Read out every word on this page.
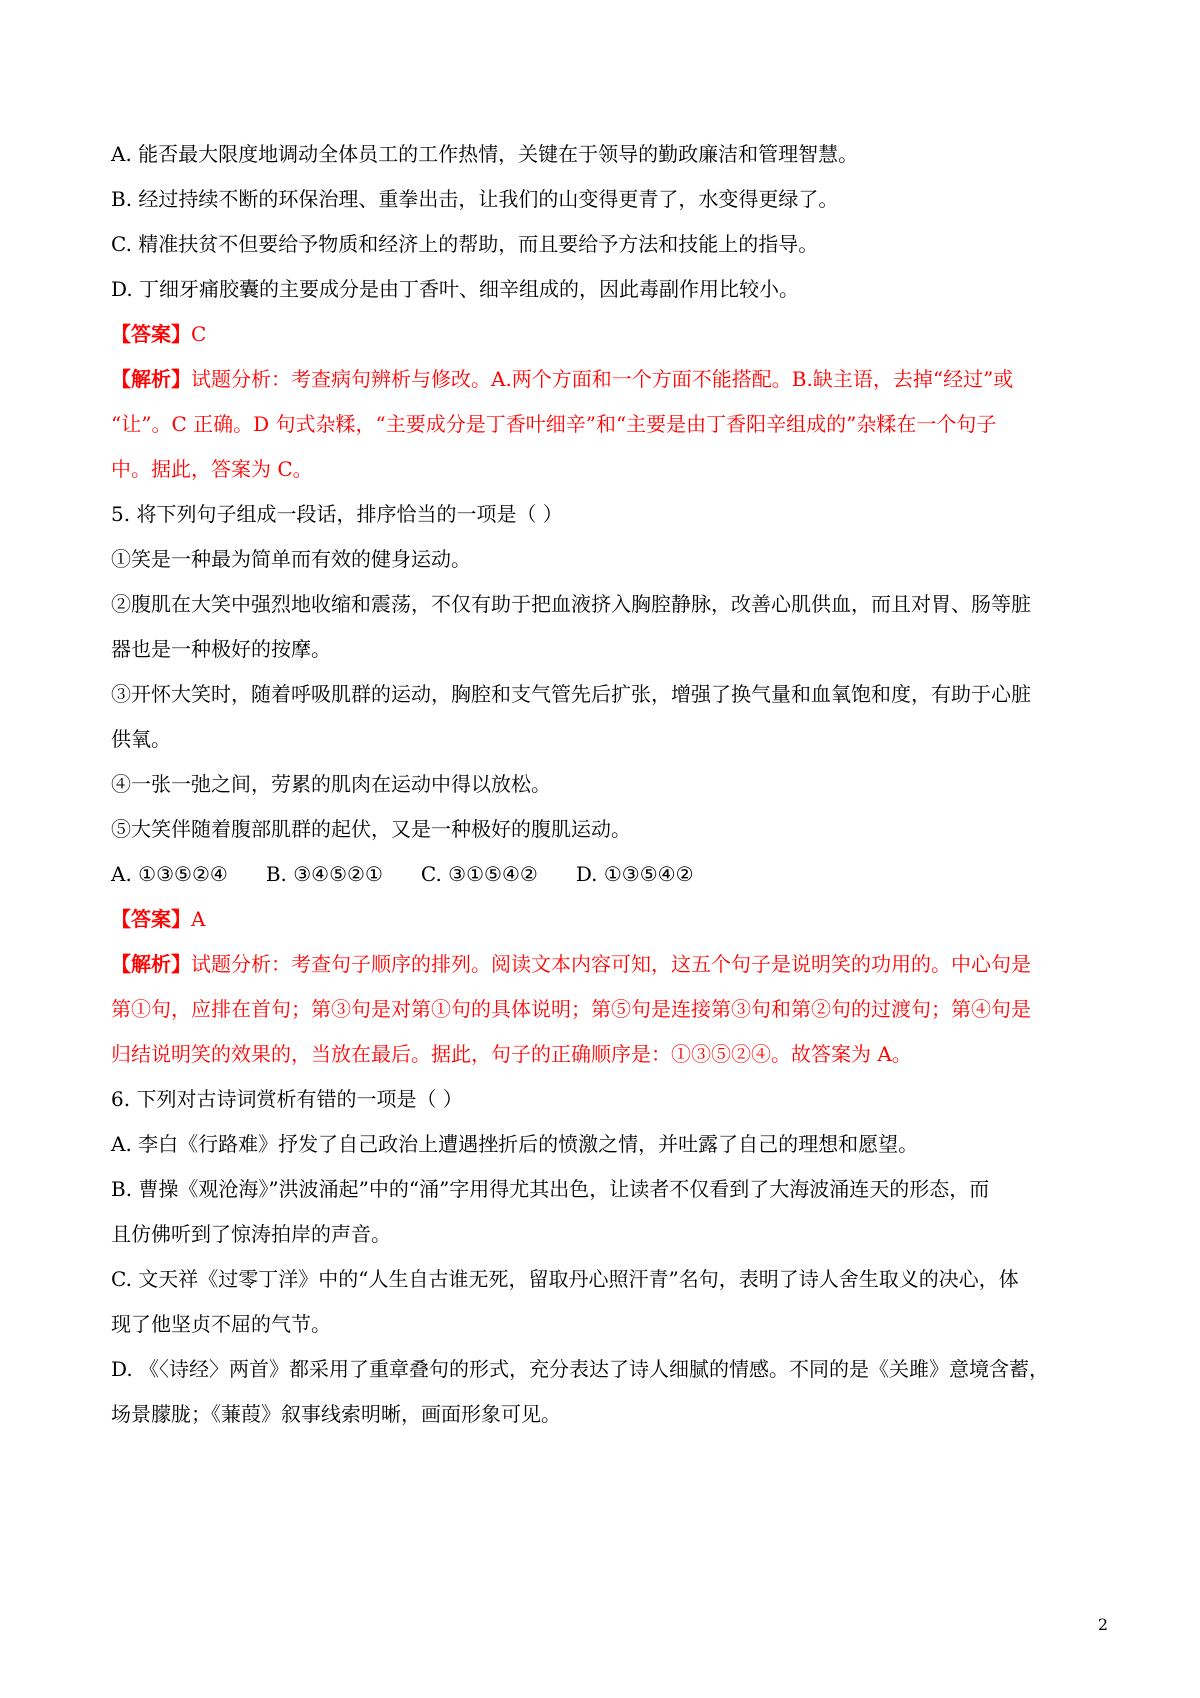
A. 能否最大限度地调动全体员工的工作热情，关键在于领导的勤政廉洁和管理智慧。
B. 经过持续不断的环保治理、重拳出击，让我们的山变得更青了，水变得更绿了。
C. 精准扶贫不但要给予物质和经济上的帮助，而且要给予方法和技能上的指导。
D. 丁细牙痛胶囊的主要成分是由丁香叶、细辛组成的，因此毒副作用比较小。
【答案】C
【解析】试题分析：考查病句辨析与修改。A.两个方面和一个方面不能搭配。B.缺主语，去掉“经过”或
“让”。C 正确。D 句式杂糅，“主要成分是丁香叶细辛”和“主要是由丁香阳辛组成的”杂糅在一个句子
中。据此，答案为 C。
5. 将下列句子组成一段话，排序恰当的一项是（ ）
①笑是一种最为简单而有效的健身运动。
②腹肌在大笑中强烈地收缩和震荡，不仅有助于把血液挤入胸腔静脉，改善心肌供血，而且对胃、肠等脏
器也是一种极好的按摩。
③开怀大笑时，随着呼吸肌群的运动，胸腔和支气管先后扩张，增强了换气量和血氧饱和度，有助于心脏
供氧。
④一张一弛之间，劳累的肌肉在运动中得以放松。
⑤大笑伴随着腹部肌群的起伏，又是一种极好的腹肌运动。
A. ①③⑤②④ B. ③④⑤②① C. ③①⑤④② D. ①③⑤④②
【答案】A
【解析】试题分析：考查句子顺序的排列。阅读文本内容可知，这五个句子是说明笑的功用的。中心句是
第①句，应排在首句；第③句是对第①句的具体说明；第⑤句是连接第③句和第②句的过渡句；第④句是
归结说明笑的效果的，当放在最后。据此，句子的正确顺序是：①③⑤②④。故答案为 A。
6. 下列对古诗词赏析有错的一项是（ ）
A. 李白《行路难》抒发了自己政治上遭遇挫折后的愤激之情，并吐露了自己的理想和愿望。
B. 曹操《观沧海》”洪波涌起”中的“涌”字用得尤其出色，让读者不仅看到了大海波涌连天的形态，而
且仿佛听到了惊涛拍岸的声音。
C. 文天祥《过零丁洋》中的“人生自古谁无死，留取丹心照汗青”名句，表明了诗人舍生取义的决心，体
现了他坚贞不屈的气节。
D. 《〈诗经〉两首》都采用了重章叠句的形式，充分表达了诗人细腻的情感。不同的是《关雎》意境含蓄，
场景朦胧；《蒹葭》叙事线索明晰，画面形象可见。
2
